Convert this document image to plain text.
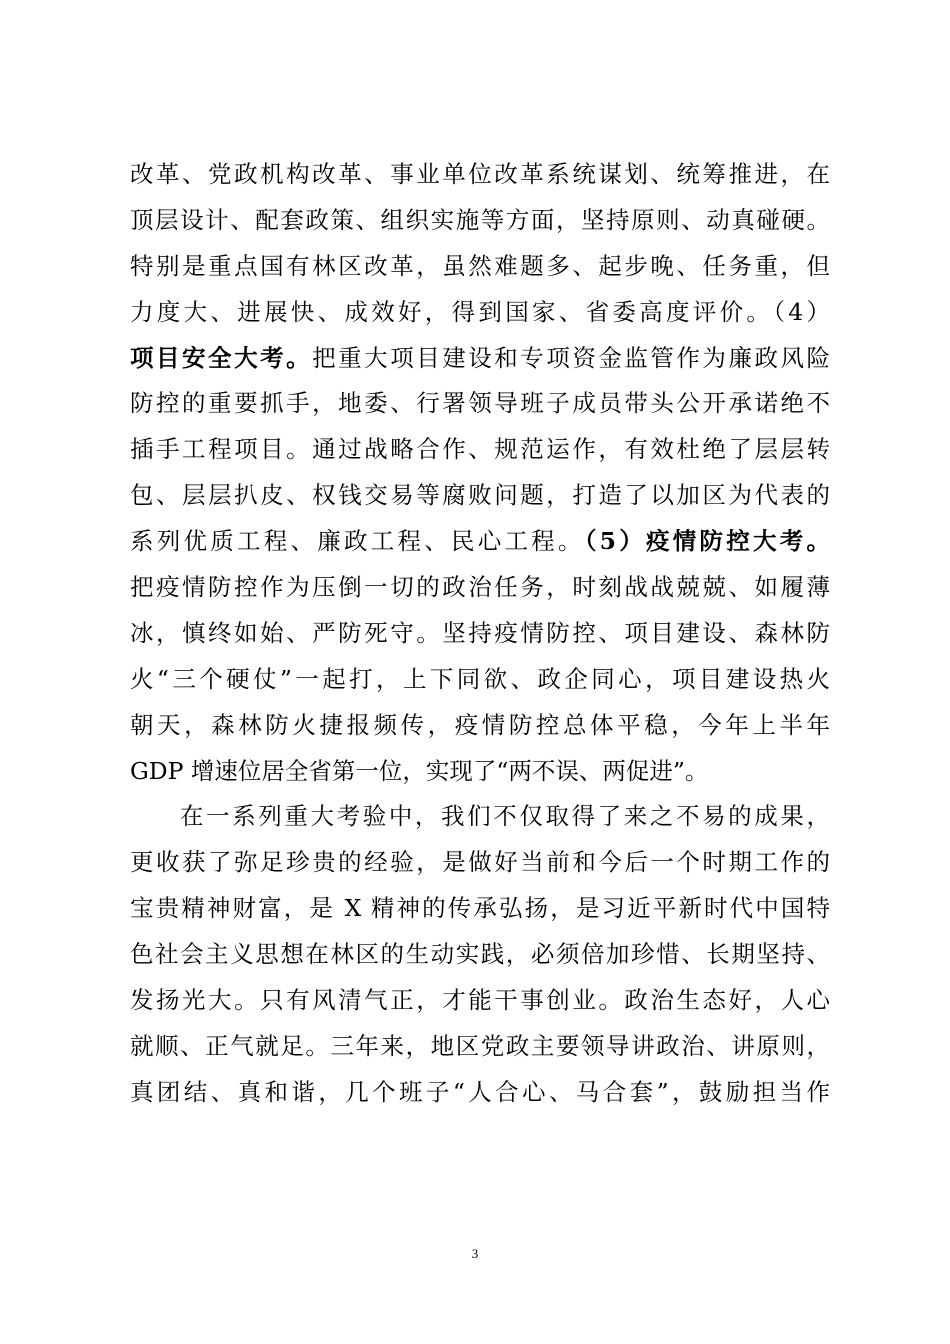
改革、党政机构改革、事业单位改革系统谋划、统筹推进，在
顶层设计、配套政策、组织实施等方面，坚持原则、动真碰硬。
特别是重点国有林区改革，虽然难题多、起步晚、任务重，但
力度大、进展快、成效好，得到国家、省委高度评价。（4）
项目安全大考。把重大项目建设和专项资金监管作为廉政风险
防控的重要抓手，地委、行署领导班子成员带头公开承诺绝不
插手工程项目。通过战略合作、规范运作，有效杜绝了层层转
包、层层扒皮、权钱交易等腐败问题，打造了以加区为代表的
系列优质工程、廉政工程、民心工程。（5）疫情防控大考。
把疫情防控作为压倒一切的政治任务，时刻战战兢兢、如履薄
冰，慎终如始、严防死守。坚持疫情防控、项目建设、森林防
火“三个硬仗”一起打，上下同欲、政企同心，项目建设热火
朝天，森林防火捷报频传，疫情防控总体平稳，今年上半年
GDP 增速位居全省第一位，实现了“两不误、两促进”。
在一系列重大考验中，我们不仅取得了来之不易的成果，
更收获了弥足珍贵的经验，是做好当前和今后一个时期工作的
宝贵精神财富，是 X 精神的传承弘扬，是习近平新时代中国特
色社会主义思想在林区的生动实践，必须倍加珍惜、长期坚持、
发扬光大。只有风清气正，才能干事创业。政治生态好，人心
就顺、正气就足。三年来，地区党政主要领导讲政治、讲原则，
真团结、真和谐，几个班子“人合心、马合套”，鼓励担当作
3
